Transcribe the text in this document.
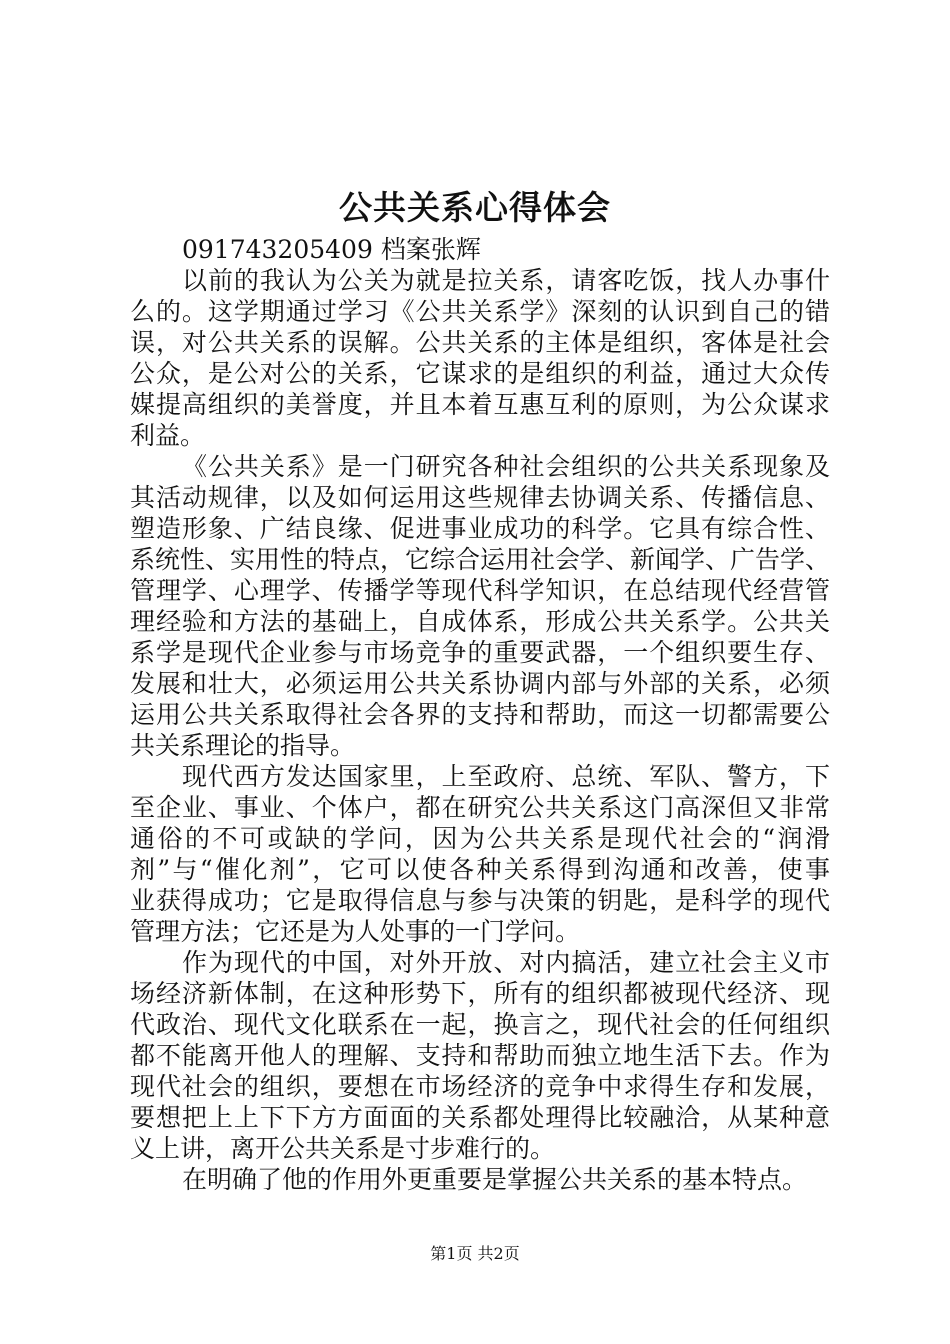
公共关系心得体会
091743205409 档案张辉
以前的我认为公关为就是拉关系，请客吃饭，找人办事什
么的。这学期通过学习《公共关系学》深刻的认识到自己的错
误，对公共关系的误解。公共关系的主体是组织，客体是社会
公众，是公对公的关系，它谋求的是组织的利益，通过大众传
媒提高组织的美誉度，并且本着互惠互利的原则，为公众谋求
利益。
《公共关系》是一门研究各种社会组织的公共关系现象及
其活动规律，以及如何运用这些规律去协调关系、传播信息、
塑造形象、广结良缘、促进事业成功的科学。它具有综合性、
系统性、实用性的特点，它综合运用社会学、新闻学、广告学、
管理学、心理学、传播学等现代科学知识，在总结现代经营管
理经验和方法的基础上，自成体系，形成公共关系学。公共关
系学是现代企业参与市场竞争的重要武器，一个组织要生存、
发展和壮大，必须运用公共关系协调内部与外部的关系，必须
运用公共关系取得社会各界的支持和帮助，而这一切都需要公
共关系理论的指导。
现代西方发达国家里，上至政府、总统、军队、警方，下
至企业、事业、个体户，都在研究公共关系这门高深但又非常
通俗的不可或缺的学问，因为公共关系是现代社会的“润滑
剂”与“催化剂”，它可以使各种关系得到沟通和改善，使事
业获得成功；它是取得信息与参与决策的钥匙，是科学的现代
管理方法；它还是为人处事的一门学问。
作为现代的中国，对外开放、对内搞活，建立社会主义市
场经济新体制，在这种形势下，所有的组织都被现代经济、现
代政治、现代文化联系在一起，换言之，现代社会的任何组织
都不能离开他人的理解、支持和帮助而独立地生活下去。作为
现代社会的组织，要想在市场经济的竞争中求得生存和发展，
要想把上上下下方方面面的关系都处理得比较融洽，从某种意
义上讲，离开公共关系是寸步难行的。
在明确了他的作用外更重要是掌握公共关系的基本特点。
第1页 共2页
